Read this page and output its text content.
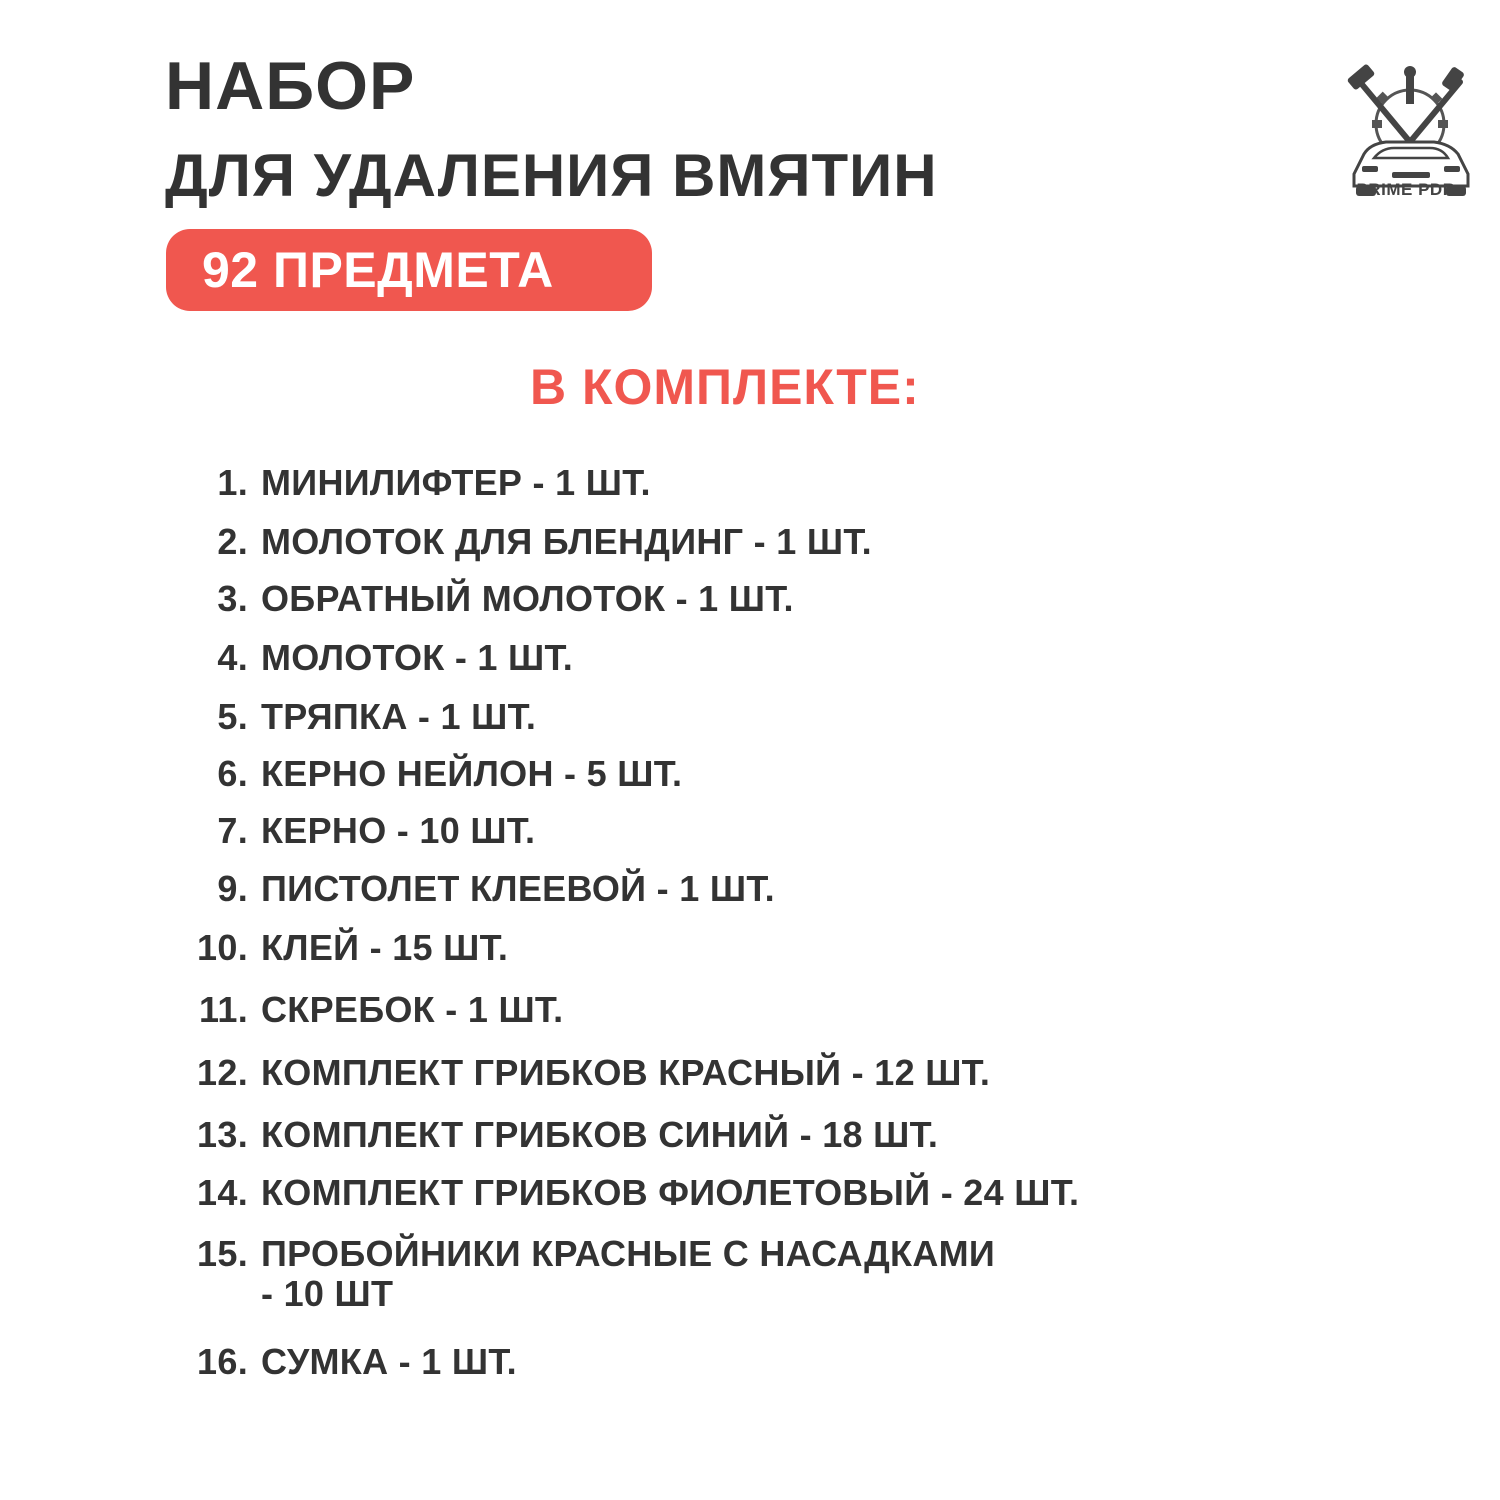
НАБОР
ДЛЯ УДАЛЕНИЯ ВМЯТИН
92 ПРЕДМЕТА
PRIME PDR
В КОМПЛЕКТЕ:
1. МИНИЛИФТЕР - 1 ШТ.
2. МОЛОТОК ДЛЯ БЛЕНДИНГ - 1 ШТ.
3. ОБРАТНЫЙ МОЛОТОК - 1 ШТ.
4. МОЛОТОК - 1 ШТ.
5. ТРЯПКА - 1 ШТ.
6. КЕРНО НЕЙЛОН - 5 ШТ.
7. КЕРНО - 10 ШТ.
9. ПИСТОЛЕТ КЛЕЕВОЙ - 1 ШТ.
10. КЛЕЙ - 15 ШТ.
11. СКРЕБОК - 1 ШТ.
12. КОМПЛЕКТ ГРИБКОВ КРАСНЫЙ - 12 ШТ.
13. КОМПЛЕКТ ГРИБКОВ СИНИЙ - 18 ШТ.
14. КОМПЛЕКТ ГРИБКОВ ФИОЛЕТОВЫЙ - 24 ШТ.
15. ПРОБОЙНИКИ КРАСНЫЕ С НАСАДКАМИ
- 10 ШТ
16. СУМКА - 1 ШТ.
